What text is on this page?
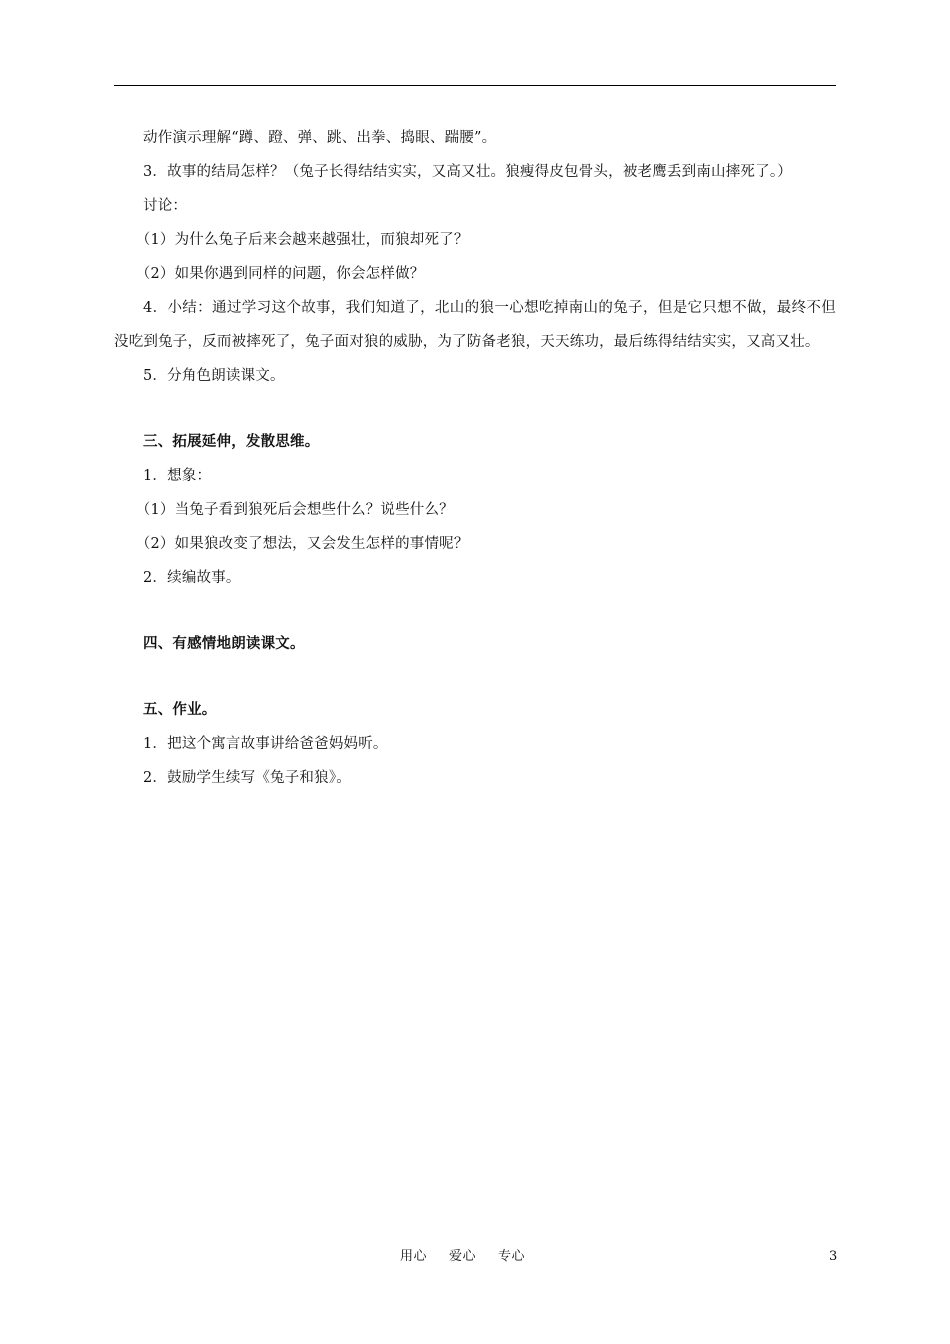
动作演示理解“蹲、蹬、弹、跳、出拳、捣眼、踹腰”。

3．故事的结局怎样？（兔子长得结结实实，又高又壮。狼瘦得皮包骨头，被老鹰丢到南山摔死了。）

讨论：

（1）为什么兔子后来会越来越强壮，而狼却死了？

（2）如果你遇到同样的问题，你会怎样做？

4．小结：通过学习这个故事，我们知道了，北山的狼一心想吃掉南山的兔子，但是它只想不做，最终不但没吃到兔子，反而被摔死了，兔子面对狼的威胁，为了防备老狼，天天练功，最后练得结结实实，又高又壮。

5．分角色朗读课文。

三、拓展延伸，发散思维。

1．想象：

（1）当兔子看到狼死后会想些什么？说些什么？

（2）如果狼改变了想法，又会发生怎样的事情呢？

2．续编故事。

四、有感情地朗读课文。

五、作业。

1．把这个寓言故事讲给爸爸妈妈听。

2．鼓励学生续写《兔子和狼》。

用心 爱心 专心	3
